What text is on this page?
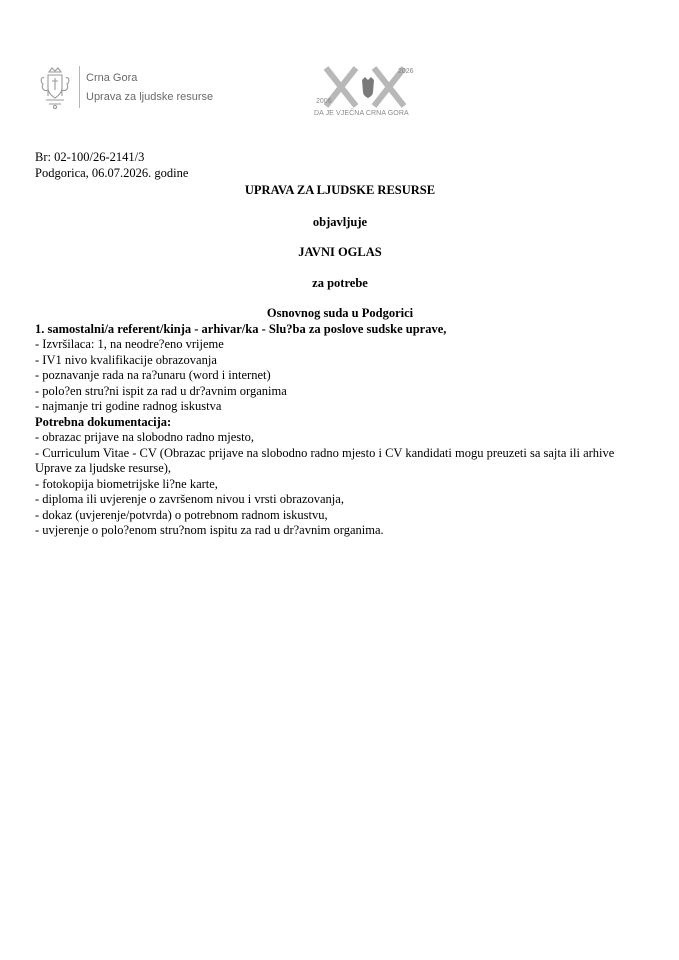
Crna Gora
Uprava za ljudske resurse
2026
2006
DA JE VJEČNA CRNA GORA
Br: 02-100/26-2141/3
Podgorica, 06.07.2026. godine
UPRAVA ZA LJUDSKE RESURSE
objavljuje
JAVNI OGLAS
za potrebe
Osnovnog suda u Podgorici
1. samostalni/a referent/kinja - arhivar/ka - Slu?ba za poslove sudske uprave,
- Izvršilaca: 1, na neodre?eno vrijeme
- IV1 nivo kvalifikacije obrazovanja
- poznavanje rada na ra?unaru (word i internet)
- polo?en stru?ni ispit za rad u dr?avnim organima
- najmanje tri godine radnog iskustva
Potrebna dokumentacija:
- obrazac prijave na slobodno radno mjesto,
- Curriculum Vitae - CV (Obrazac prijave na slobodno radno mjesto i CV kandidati mogu preuzeti sa sajta ili arhive Uprave za ljudske resurse),
- fotokopija biometrijske li?ne karte,
- diploma ili uvjerenje o završenom nivou i vrsti obrazovanja,
- dokaz (uvjerenje/potvrda) o potrebnom radnom iskustvu,
- uvjerenje o polo?enom stru?nom ispitu za rad u dr?avnim organima.
